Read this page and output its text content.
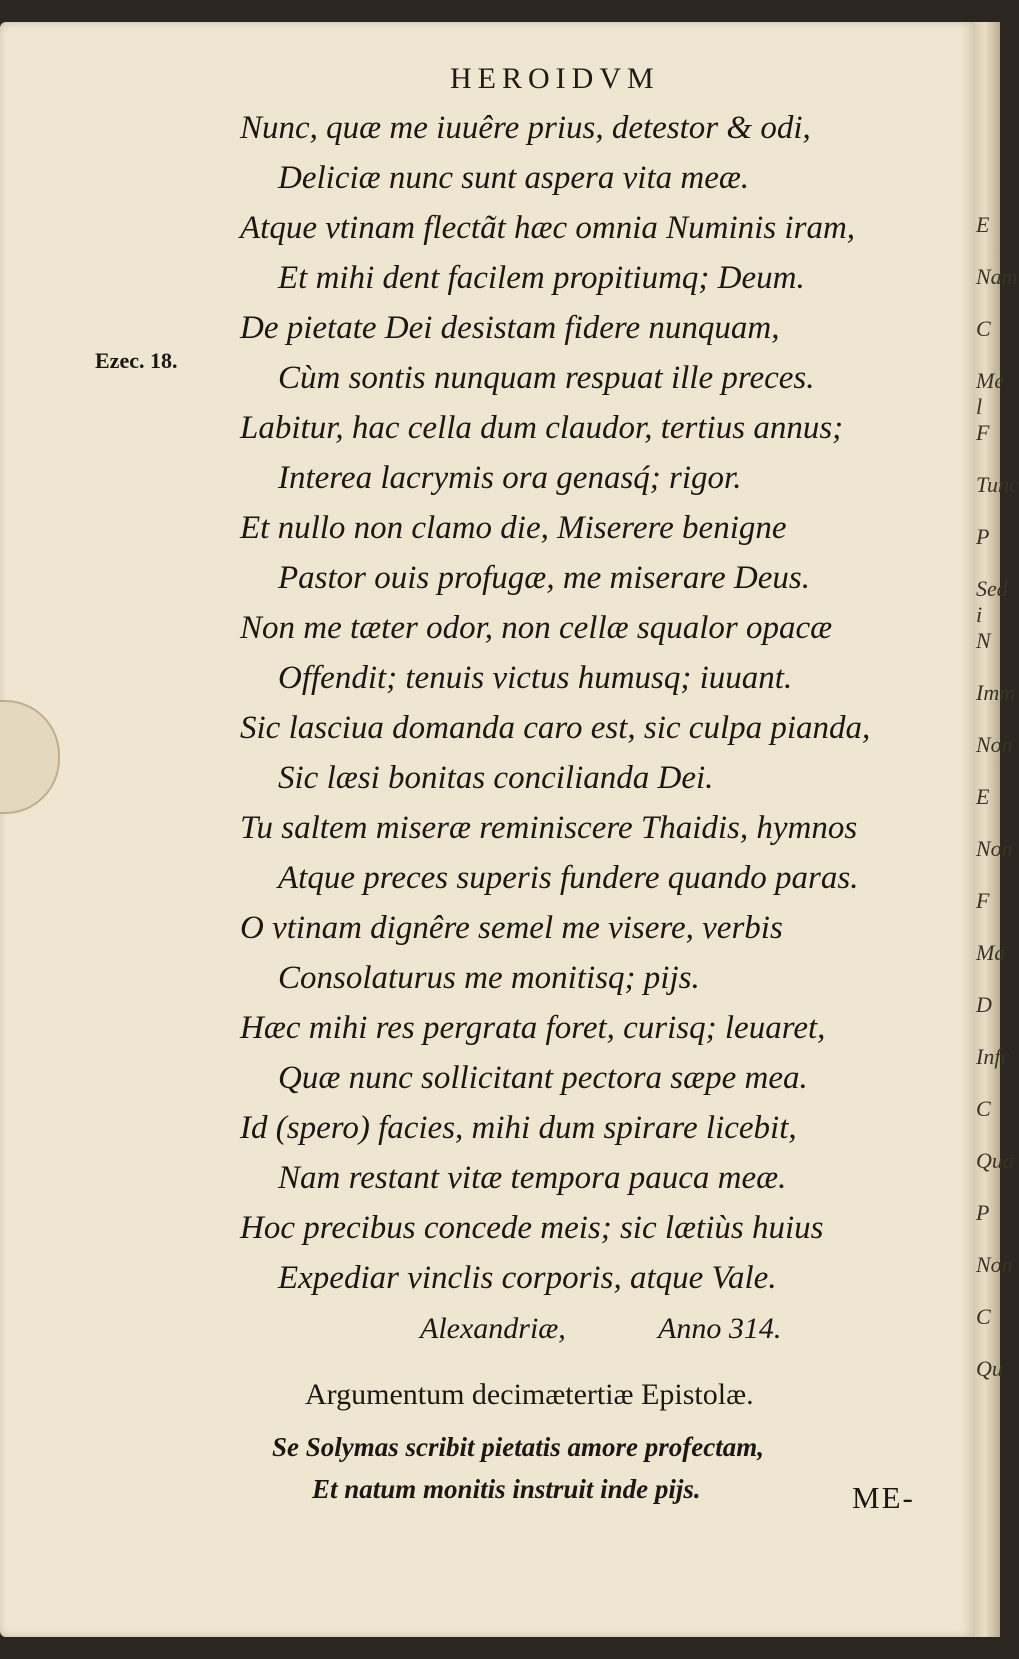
E
Nam
C
Me l
F
Tunc
P
Sed i
N
Imm
Non
E
Non
F
Ma
D
Infr
C
Qua
P
Non
C
Qu
HEROIDVM
Ezec. 18.
Nunc, quæ me iuuêre prius, detestor & odi,
Deliciæ nunc sunt aspera vita meæ.
Atque vtinam flectãt hæc omnia Numinis iram,
Et mihi dent facilem propitiumq; Deum.
De pietate Dei desistam fidere nunquam,
Cùm sontis nunquam respuat ille preces.
Labitur, hac cella dum claudor, tertius annus;
Interea lacrymis ora genasq́; rigor.
Et nullo non clamo die, Miserere benigne
Pastor ouis profugæ, me miserare Deus.
Non me tæter odor, non cellæ squalor opacæ
Offendit; tenuis victus humusq; iuuant.
Sic lasciua domanda caro est, sic culpa pianda,
Sic læsi bonitas concilianda Dei.
Tu saltem miseræ reminiscere Thaidis, hymnos
Atque preces superis fundere quando paras.
O vtinam dignêre semel me visere, verbis
Consolaturus me monitisq; pijs.
Hæc mihi res pergrata foret, curisq; leuaret,
Quæ nunc sollicitant pectora sæpe mea.
Id (spero) facies, mihi dum spirare licebit,
Nam restant vitæ tempora pauca meæ.
Hoc precibus concede meis; sic lætiùs huius
Expediar vinclis corporis, atque Vale.
Alexandriæ,	Anno 314.
Argumentum decimætertiæ Epistolæ.
Se Solymas scribit pietatis amore profectam,
Et natum monitis instruit inde pijs.	ME-
